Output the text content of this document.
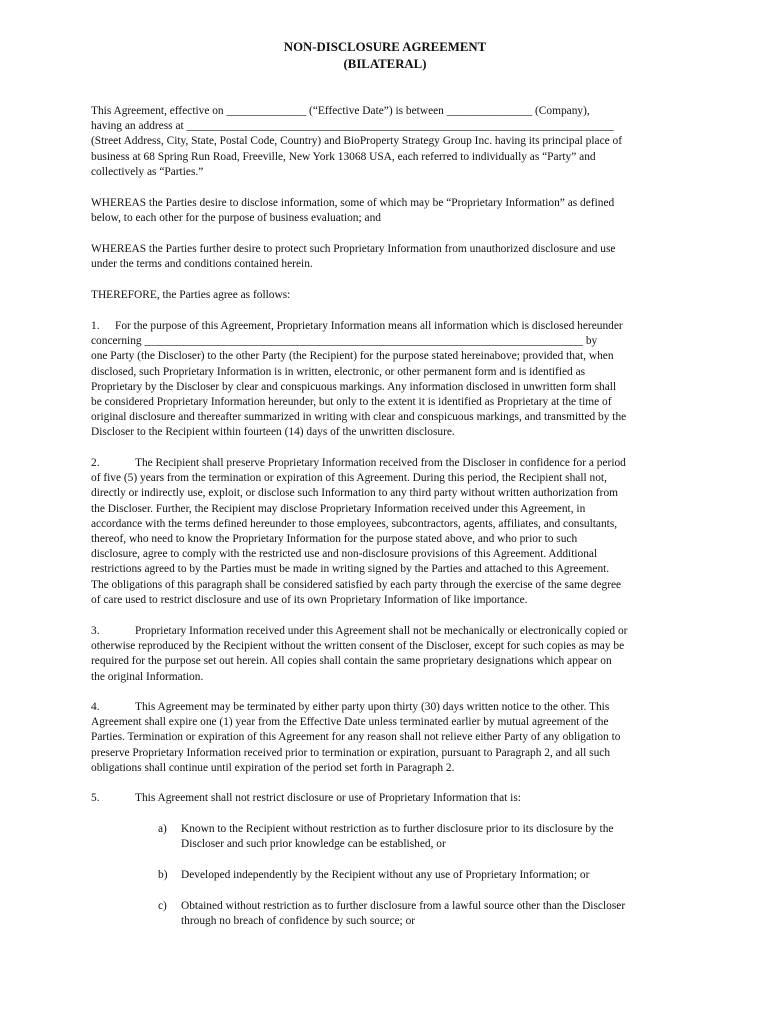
NON-DISCLOSURE AGREEMENT
(BILATERAL)
This Agreement, effective on ______________ (“Effective Date”) is between _______________ (Company),
having an address at ___________________________________________________________________________
(Street Address, City, State, Postal Code, Country) and BioProperty Strategy Group Inc. having its principal place of
business at 68 Spring Run Road, Freeville, New York 13068 USA, each referred to individually as “Party” and
collectively as “Parties.”
WHEREAS the Parties desire to disclose information, some of which may be “Proprietary Information” as defined
below, to each other for the purpose of business evaluation; and
WHEREAS the Parties further desire to protect such Proprietary Information from unauthorized disclosure and use
under the terms and conditions contained herein.
THEREFORE, the Parties agree as follows:
1. For the purpose of this Agreement, Proprietary Information means all information which is disclosed hereunder
concerning _____________________________________________________________________________ by
one Party (the Discloser) to the other Party (the Recipient) for the purpose stated hereinabove; provided that, when
disclosed, such Proprietary Information is in written, electronic, or other permanent form and is identified as
Proprietary by the Discloser by clear and conspicuous markings. Any information disclosed in unwritten form shall
be considered Proprietary Information hereunder, but only to the extent it is identified as Proprietary at the time of
original disclosure and thereafter summarized in writing with clear and conspicuous markings, and transmitted by the
Discloser to the Recipient within fourteen (14) days of the unwritten disclosure.
2.	The Recipient shall preserve Proprietary Information received from the Discloser in confidence for a period
of five (5) years from the termination or expiration of this Agreement. During this period, the Recipient shall not,
directly or indirectly use, exploit, or disclose such Information to any third party without written authorization from
the Discloser. Further, the Recipient may disclose Proprietary Information received under this Agreement, in
accordance with the terms defined hereunder to those employees, subcontractors, agents, affiliates, and consultants,
thereof, who need to know the Proprietary Information for the purpose stated above, and who prior to such
disclosure, agree to comply with the restricted use and non-disclosure provisions of this Agreement. Additional
restrictions agreed to by the Parties must be made in writing signed by the Parties and attached to this Agreement.
The obligations of this paragraph shall be considered satisfied by each party through the exercise of the same degree
of care used to restrict disclosure and use of its own Proprietary Information of like importance.
3.	Proprietary Information received under this Agreement shall not be mechanically or electronically copied or
otherwise reproduced by the Recipient without the written consent of the Discloser, except for such copies as may be
required for the purpose set out herein. All copies shall contain the same proprietary designations which appear on
the original Information.
4.	This Agreement may be terminated by either party upon thirty (30) days written notice to the other. This
Agreement shall expire one (1) year from the Effective Date unless terminated earlier by mutual agreement of the
Parties. Termination or expiration of this Agreement for any reason shall not relieve either Party of any obligation to
preserve Proprietary Information received prior to termination or expiration, pursuant to Paragraph 2, and all such
obligations shall continue until expiration of the period set forth in Paragraph 2.
5.	This Agreement shall not restrict disclosure or use of Proprietary Information that is:
a) Known to the Recipient without restriction as to further disclosure prior to its disclosure by the
Discloser and such prior knowledge can be established, or
b) Developed independently by the Recipient without any use of Proprietary Information; or
c) Obtained without restriction as to further disclosure from a lawful source other than the Discloser
through no breach of confidence by such source; or
